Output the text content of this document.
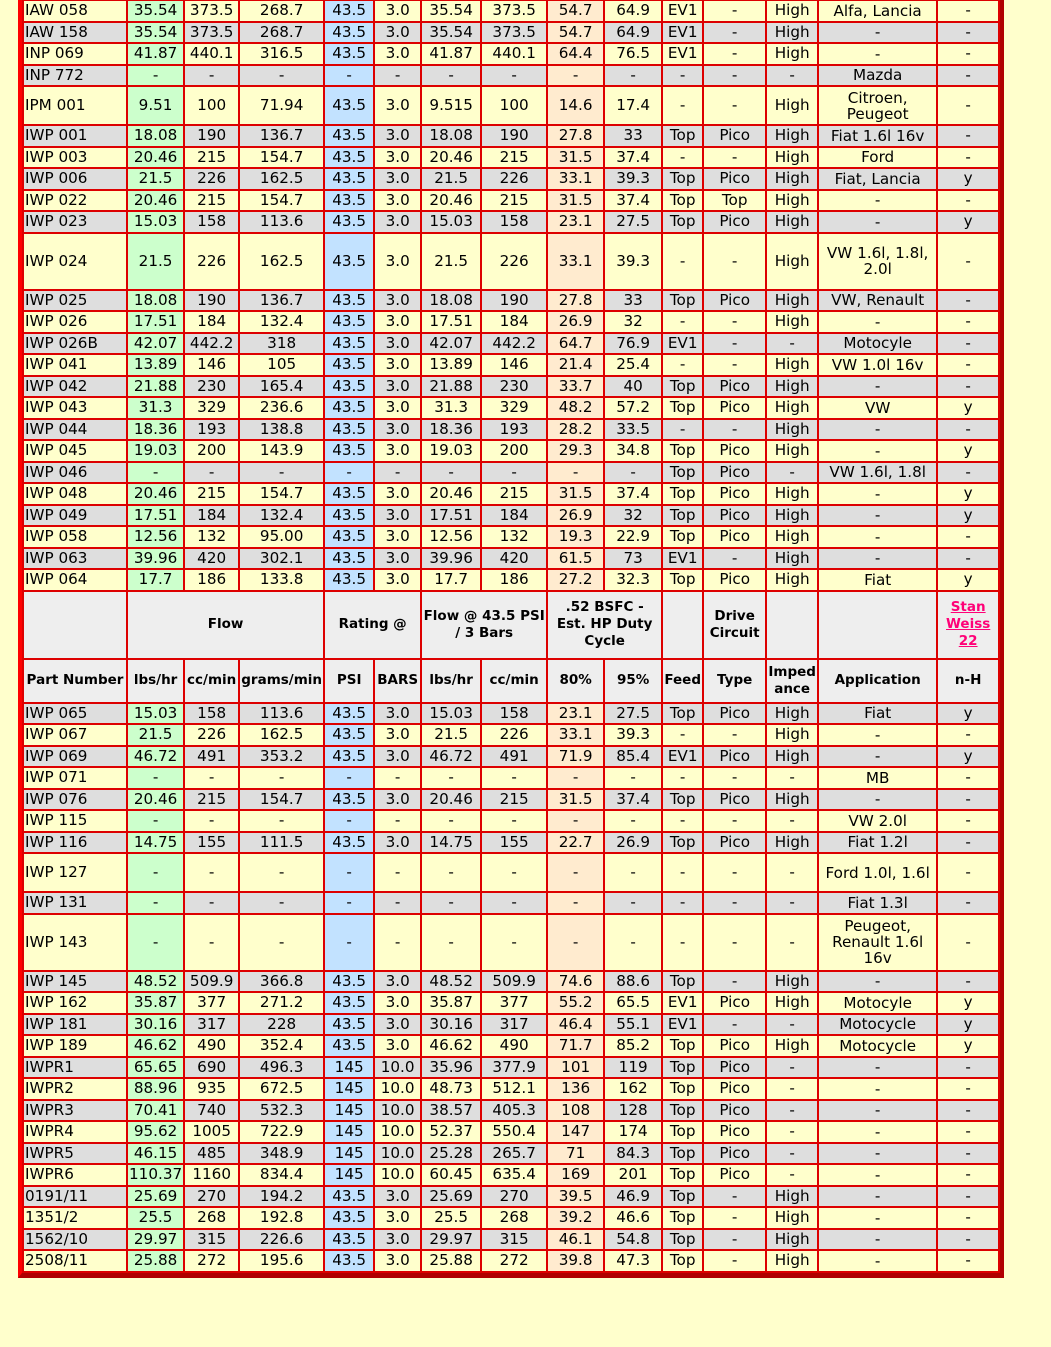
IAW 058	35.54	373.5	268.7	43.5	3.0	35.54	373.5	54.7	64.9	EV1	-	High	Alfa, Lancia	-
IAW 158	35.54	373.5	268.7	43.5	3.0	35.54	373.5	54.7	64.9	EV1	-	High	-	-
INP 069	41.87	440.1	316.5	43.5	3.0	41.87	440.1	64.4	76.5	EV1	-	High	-	-
INP 772	-	-	-	-	-	-	-	-	-	-	-	-	Mazda	-
IPM 001	9.51	100	71.94	43.5	3.0	9.515	100	14.6	17.4	-	-	High	Citroen, Peugeot	-
IWP 001	18.08	190	136.7	43.5	3.0	18.08	190	27.8	33	Top	Pico	High	Fiat 1.6l 16v	-
IWP 003	20.46	215	154.7	43.5	3.0	20.46	215	31.5	37.4	-	-	High	Ford	-
IWP 006	21.5	226	162.5	43.5	3.0	21.5	226	33.1	39.3	Top	Pico	High	Fiat, Lancia	y
IWP 022	20.46	215	154.7	43.5	3.0	20.46	215	31.5	37.4	Top	Top	High	-	-
IWP 023	15.03	158	113.6	43.5	3.0	15.03	158	23.1	27.5	Top	Pico	High	-	y
IWP 024	21.5	226	162.5	43.5	3.0	21.5	226	33.1	39.3	-	-	High	VW 1.6l, 1.8l, 2.0l	-
IWP 025	18.08	190	136.7	43.5	3.0	18.08	190	27.8	33	Top	Pico	High	VW, Renault	-
IWP 026	17.51	184	132.4	43.5	3.0	17.51	184	26.9	32	-	-	High	-	-
IWP 026B	42.07	442.2	318	43.5	3.0	42.07	442.2	64.7	76.9	EV1	-	-	Motocyle	-
IWP 041	13.89	146	105	43.5	3.0	13.89	146	21.4	25.4	-	-	High	VW 1.0l 16v	-
IWP 042	21.88	230	165.4	43.5	3.0	21.88	230	33.7	40	Top	Pico	High	-	-
IWP 043	31.3	329	236.6	43.5	3.0	31.3	329	48.2	57.2	Top	Pico	High	VW	y
IWP 044	18.36	193	138.8	43.5	3.0	18.36	193	28.2	33.5	-	-	High	-	-
IWP 045	19.03	200	143.9	43.5	3.0	19.03	200	29.3	34.8	Top	Pico	High	-	y
IWP 046	-	-	-	-	-	-	-	-	-	Top	Pico	-	VW 1.6l, 1.8l	-
IWP 048	20.46	215	154.7	43.5	3.0	20.46	215	31.5	37.4	Top	Pico	High	-	y
IWP 049	17.51	184	132.4	43.5	3.0	17.51	184	26.9	32	Top	Pico	High	-	y
IWP 058	12.56	132	95.00	43.5	3.0	12.56	132	19.3	22.9	Top	Pico	High	-	-
IWP 063	39.96	420	302.1	43.5	3.0	39.96	420	61.5	73	EV1	-	High	-	-
IWP 064	17.7	186	133.8	43.5	3.0	17.7	186	27.2	32.3	Top	Pico	High	Fiat	y
	Flow			Rating @		Flow @ 43.5 PSI / 3 Bars		.52 BSFC - Est. HP Duty Cycle			Drive Circuit			Stan Weiss 22
Part Number	lbs/hr	cc/min	grams/min	PSI	BARS	lbs/hr	cc/min	80%	95%	Feed	Type	Imped ance	Application	n-H
IWP 065	15.03	158	113.6	43.5	3.0	15.03	158	23.1	27.5	Top	Pico	High	Fiat	y
IWP 067	21.5	226	162.5	43.5	3.0	21.5	226	33.1	39.3	-	-	High	-	-
IWP 069	46.72	491	353.2	43.5	3.0	46.72	491	71.9	85.4	EV1	Pico	High	-	y
IWP 071	-	-	-	-	-	-	-	-	-	-	-	-	MB	-
IWP 076	20.46	215	154.7	43.5	3.0	20.46	215	31.5	37.4	Top	Pico	High	-	-
IWP 115	-	-	-	-	-	-	-	-	-	-	-	-	VW 2.0l	-
IWP 116	14.75	155	111.5	43.5	3.0	14.75	155	22.7	26.9	Top	Pico	High	Fiat 1.2l	-
IWP 127	-	-	-	-	-	-	-	-	-	-	-	-	Ford 1.0l, 1.6l	-
IWP 131	-	-	-	-	-	-	-	-	-	-	-	-	Fiat 1.3l	-
IWP 143	-	-	-	-	-	-	-	-	-	-	-	-	Peugeot, Renault 1.6l 16v	-
IWP 145	48.52	509.9	366.8	43.5	3.0	48.52	509.9	74.6	88.6	Top	-	High	-	-
IWP 162	35.87	377	271.2	43.5	3.0	35.87	377	55.2	65.5	EV1	Pico	High	Motocyle	y
IWP 181	30.16	317	228	43.5	3.0	30.16	317	46.4	55.1	EV1	-	-	Motocycle	y
IWP 189	46.62	490	352.4	43.5	3.0	46.62	490	71.7	85.2	Top	Pico	High	Motocycle	y
IWPR1	65.65	690	496.3	145	10.0	35.96	377.9	101	119	Top	Pico	-	-	-
IWPR2	88.96	935	672.5	145	10.0	48.73	512.1	136	162	Top	Pico	-	-	-
IWPR3	70.41	740	532.3	145	10.0	38.57	405.3	108	128	Top	Pico	-	-	-
IWPR4	95.62	1005	722.9	145	10.0	52.37	550.4	147	174	Top	Pico	-	-	-
IWPR5	46.15	485	348.9	145	10.0	25.28	265.7	71	84.3	Top	Pico	-	-	-
IWPR6	110.37	1160	834.4	145	10.0	60.45	635.4	169	201	Top	Pico	-	-	-
0191/11	25.69	270	194.2	43.5	3.0	25.69	270	39.5	46.9	Top	-	High	-	-
1351/2	25.5	268	192.8	43.5	3.0	25.5	268	39.2	46.6	Top	-	High	-	-
1562/10	29.97	315	226.6	43.5	3.0	29.97	315	46.1	54.8	Top	-	High	-	-
2508/11	25.88	272	195.6	43.5	3.0	25.88	272	39.8	47.3	Top	-	High	-	-
